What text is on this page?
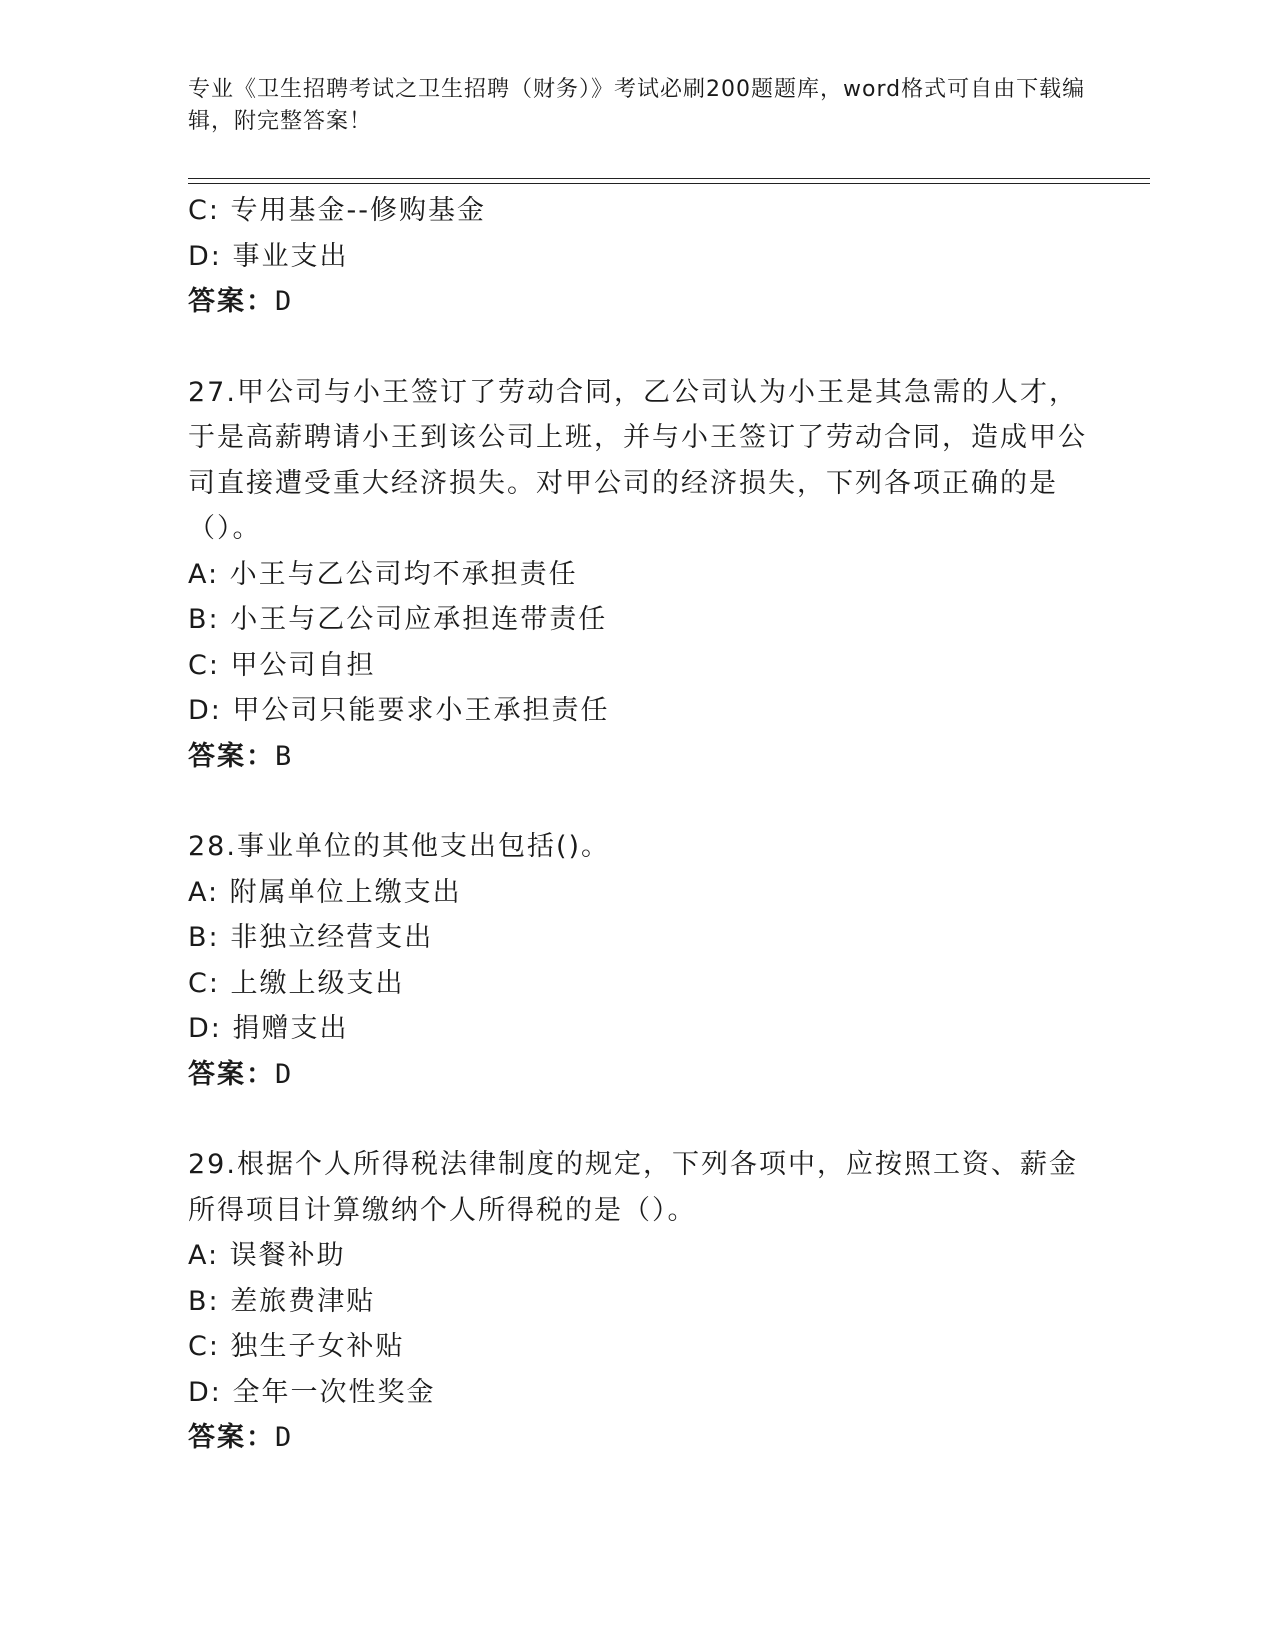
专业《卫生招聘考试之卫生招聘（财务）》考试必刷200题题库，word格式可自由下载编辑，附完整答案！
C: 专用基金--修购基金
D: 事业支出
答案：D
27.甲公司与小王签订了劳动合同，乙公司认为小王是其急需的人才，于是高薪聘请小王到该公司上班，并与小王签订了劳动合同，造成甲公司直接遭受重大经济损失。对甲公司的经济损失，下列各项正确的是（）。
A: 小王与乙公司均不承担责任
B: 小王与乙公司应承担连带责任
C: 甲公司自担
D: 甲公司只能要求小王承担责任
答案：B
28.事业单位的其他支出包括()。
A: 附属单位上缴支出
B: 非独立经营支出
C: 上缴上级支出
D: 捐赠支出
答案：D
29.根据个人所得税法律制度的规定，下列各项中，应按照工资、薪金所得项目计算缴纳个人所得税的是（）。
A: 误餐补助
B: 差旅费津贴
C: 独生子女补贴
D: 全年一次性奖金
答案：D
